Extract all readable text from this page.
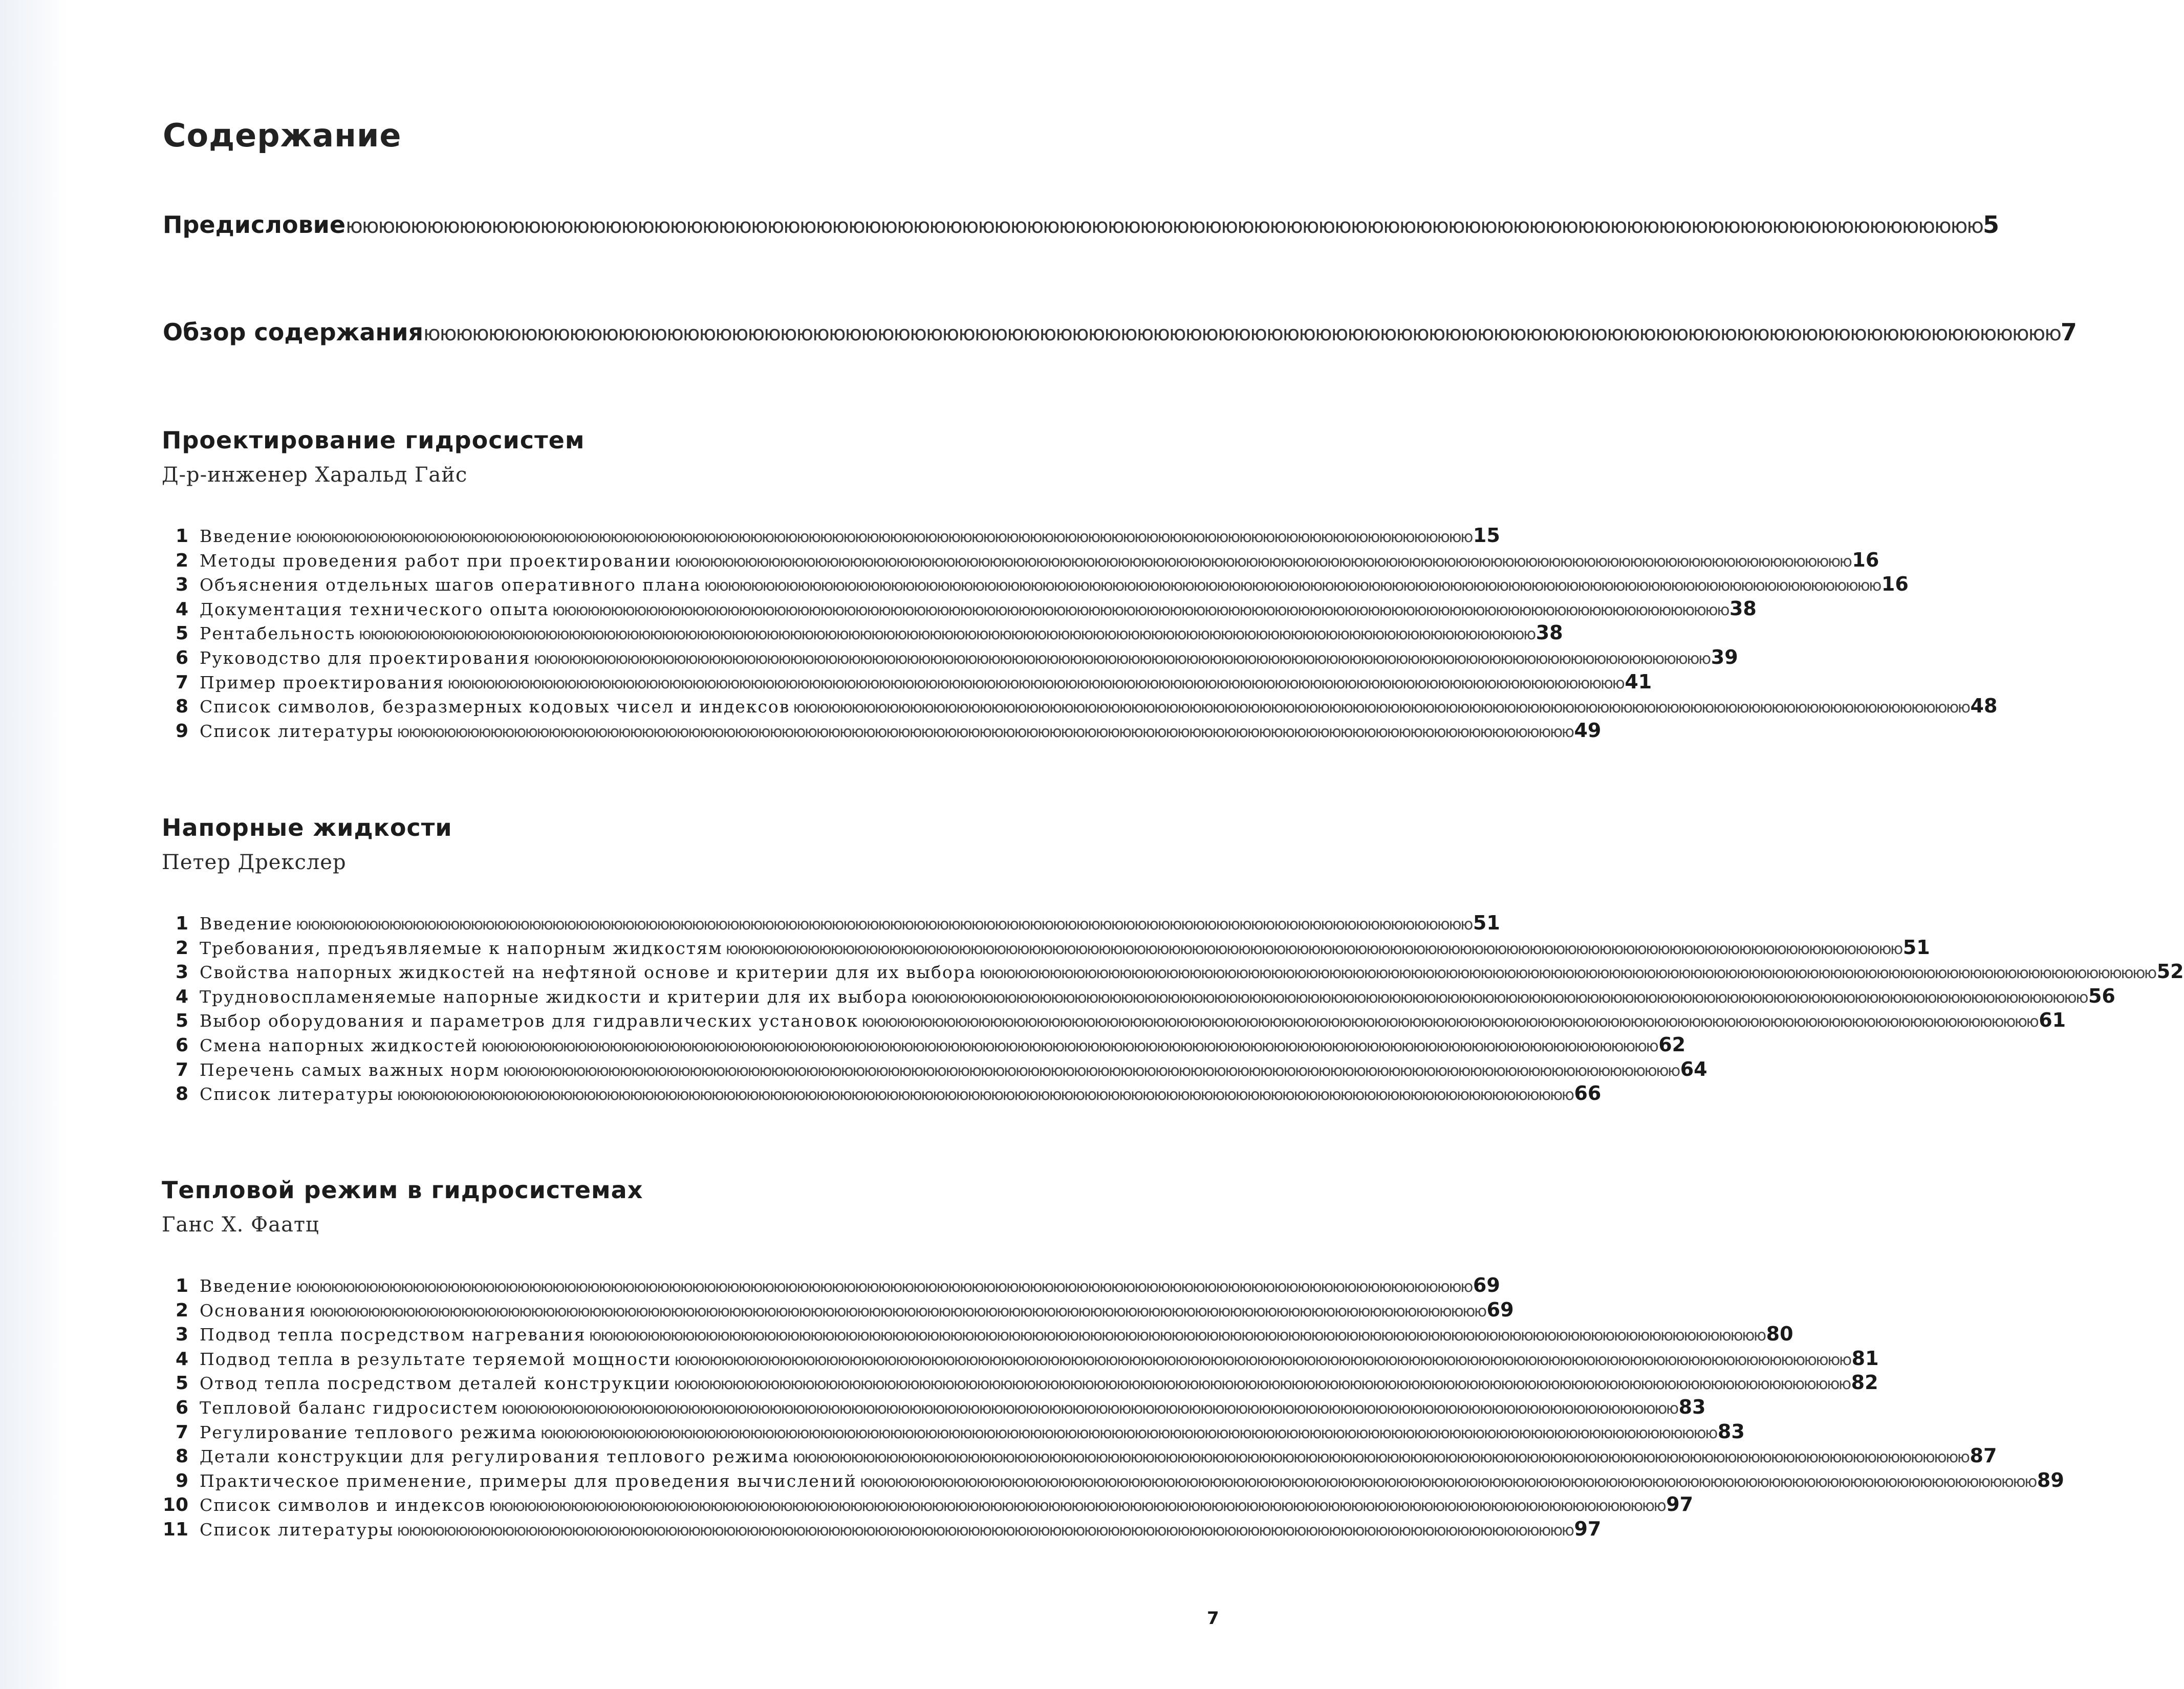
Содержание
Предисловие ююююююююююююююююююююююююююююююююююююююююююююююююююююююююююююююююююююююююююююююююююююююююююююююююююююю 5
Обзор содержания ююююююююююююююююююююююююююююююююююююююююююююююююююююююююююююююююююююююююююююююююююююююююююююююююююююю 7
Проектирование гидросистем
Д-р-инженер Харальд Гайс
1 Введение ююююююююююююююююююююююююююююююююююююююююююююююююююююююююююююююююююююююююююююююююююююююююююююююююююююю 15
2 Методы проведения работ при проектировании ююююююююююююююююююююююююююююююююююююююююююююююююююююююююююююююююююююююююююююююююююююююююююююююююююююю 16
3 Объяснения отдельных шагов оперативного плана ююююююююююююююююююююююююююююююююююююююююююююююююююююююююююююююююююююююююююююююююююююююююююююююююююююю 16
4 Документация технического опыта ююююююююююююююююююююююююююююююююююююююююююююююююююююююююююююююююююююююююююююююююююююююююююююююююююююю 38
5 Рентабельность ююююююююююююююююююююююююююююююююююююююююююююююююююююююююююююююююююююююююююююююююююююююююююююююююююююю 38
6 Руководство для проектирования ююююююююююююююююююююююююююююююююююююююююююююююююююююююююююююююююююююююююююююююююююююююююююююююююююююю 39
7 Пример проектирования ююююююююююююююююююююююююююююююююююююююююююююююююююююююююююююююююююююююююююююююююююююююююююююююююююююю 41
8 Список символов, безразмерных кодовых чисел и индексов ююююююююююююююююююююююююююююююююююююююююююююююююююююююююююююююююююююююююююююююююююююююююююююююююююююю 48
9 Список литературы ююююююююююююююююююююююююююююююююююююююююююююююююююююююююююююююююююююююююююююююююююююююююююююююююююююю 49
Напорные жидкости
Петер Дрекслер
1 Введение ююююююююююююююююююююююююююююююююююююююююююююююююююююююююююююююююююююююююююююююююююююююююююююююююююююю 51
2 Требования, предъявляемые к напорным жидкостям ююююююююююююююююююююююююююююююююююююююююююююююююююююююююююююююююююююююююююююююююююююююююююююююююююююю 51
3 Свойства напорных жидкостей на нефтяной основе и критерии для их выбора ююююююююююююююююююююююююююююююююююююююююююююююююююююююююююююююююююююююююююююююююююююююююююююююююююююю 52
4 Трудновоспламеняемые напорные жидкости и критерии для их выбора ююююююююююююююююююююююююююююююююююююююююююююююююююююююююююююююююююююююююююююююююююююююююююююююююююююю 56
5 Выбор оборудования и параметров для гидравлических установок ююююююююююююююююююююююююююююююююююююююююююююююююююююююююююююююююююююююююююююююююююююююююююююююююююююю 61
6 Смена напорных жидкостей ююююююююююююююююююююююююююююююююююююююююююююююююююююююююююююююююююююююююююююююююююююююююююююююююююююю 62
7 Перечень самых важных норм ююююююююююююююююююююююююююююююююююююююююююююююююююююююююююююююююююююююююююююююююююююююююююююююююююююю 64
8 Список литературы ююююююююююююююююююююююююююююююююююююююююююююююююююююююююююююююююююююююююююююююююююююююююююююююююююююю 66
Тепловой режим в гидросистемах
Ганс Х. Фаатц
1 Введение ююююююююююююююююююююююююююююююююююююююююююююююююююююююююююююююююююююююююююююююююююююююююююююююююююююю 69
2 Основания ююююююююююююююююююююююююююююююююююююююююююююююююююююююююююююююююююююююююююююююююююююююююююююююююююююю 69
3 Подвод тепла посредством нагревания ююююююююююююююююююююююююююююююююююююююююююююююююююююююююююююююююююююююююююююююююююююююююююююююююююююю 80
4 Подвод тепла в результате теряемой мощности ююююююююююююююююююююююююююююююююююююююююююююююююююююююююююююююююююююююююююююююююююююююююююююююююююююю 81
5 Отвод тепла посредством деталей конструкции ююююююююююююююююююююююююююююююююююююююююююююююююююююююююююююююююююююююююююююююююююююююююююююююююююююю 82
6 Тепловой баланс гидросистем ююююююююююююююююююююююююююююююююююююююююююююююююююююююююююююююююююююююююююююююююююююююююююююююююююююю 83
7 Регулирование теплового режима ююююююююююююююююююююююююююююююююююююююююююююююююююююююююююююююююююююююююююююююююююююююююююююююююююююю 83
8 Детали конструкции для регулирования теплового режима ююююююююююююююююююююююююююююююююююююююююююююююююююююююююююююююююююююююююююююююююююююююююююююююююююююю 87
9 Практическое применение, примеры для проведения вычислений ююююююююююююююююююююююююююююююююююююююююююююююююююююююююююююююююююююююююююююююююююююююююююююююююююююю 89
10 Список символов и индексов ююююююююююююююююююююююююююююююююююююююююююююююююююююююююююююююююююююююююююююююююююююююююююююююююююююю 97
11 Список литературы ююююююююююююююююююююююююююююююююююююююююююююююююююююююююююююююююююююююююююююююююююююююююююююююююююююю 97
7
